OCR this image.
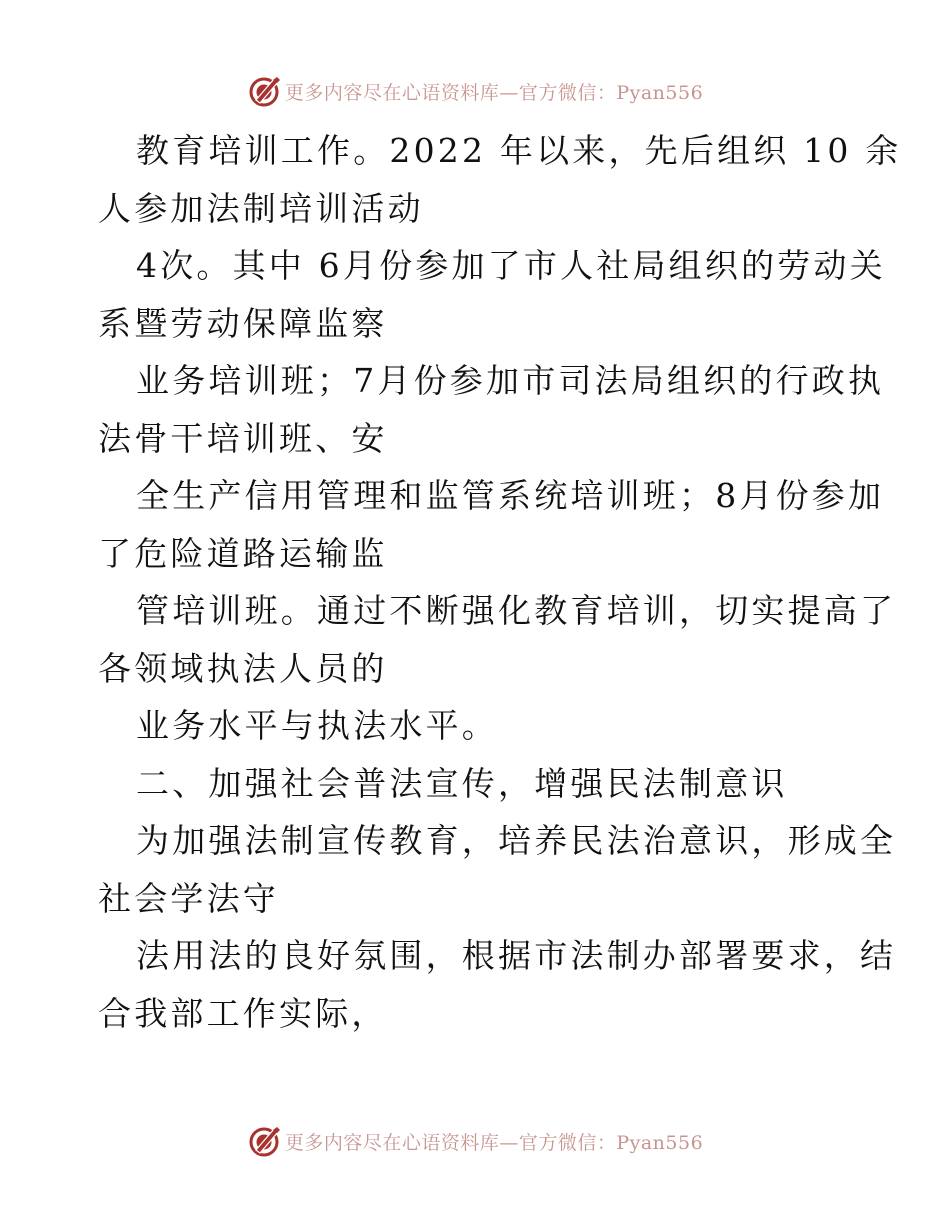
更多内容尽在心语资料库—官方微信：Pyan556
教育培训工作。2022 年以来，先后组织 10 余
人参加法制培训活动
4次。其中 6月份参加了市人社局组织的劳动关
系暨劳动保障监察
业务培训班；7月份参加市司法局组织的行政执
法骨干培训班、安
全生产信用管理和监管系统培训班；8月份参加
了危险道路运输监
管培训班。通过不断强化教育培训，切实提高了
各领域执法人员的
业务水平与执法水平。
二、加强社会普法宣传，增强民法制意识
为加强法制宣传教育，培养民法治意识，形成全
社会学法守
法用法的良好氛围，根据市法制办部署要求，结
合我部工作实际，
更多内容尽在心语资料库—官方微信：Pyan556
